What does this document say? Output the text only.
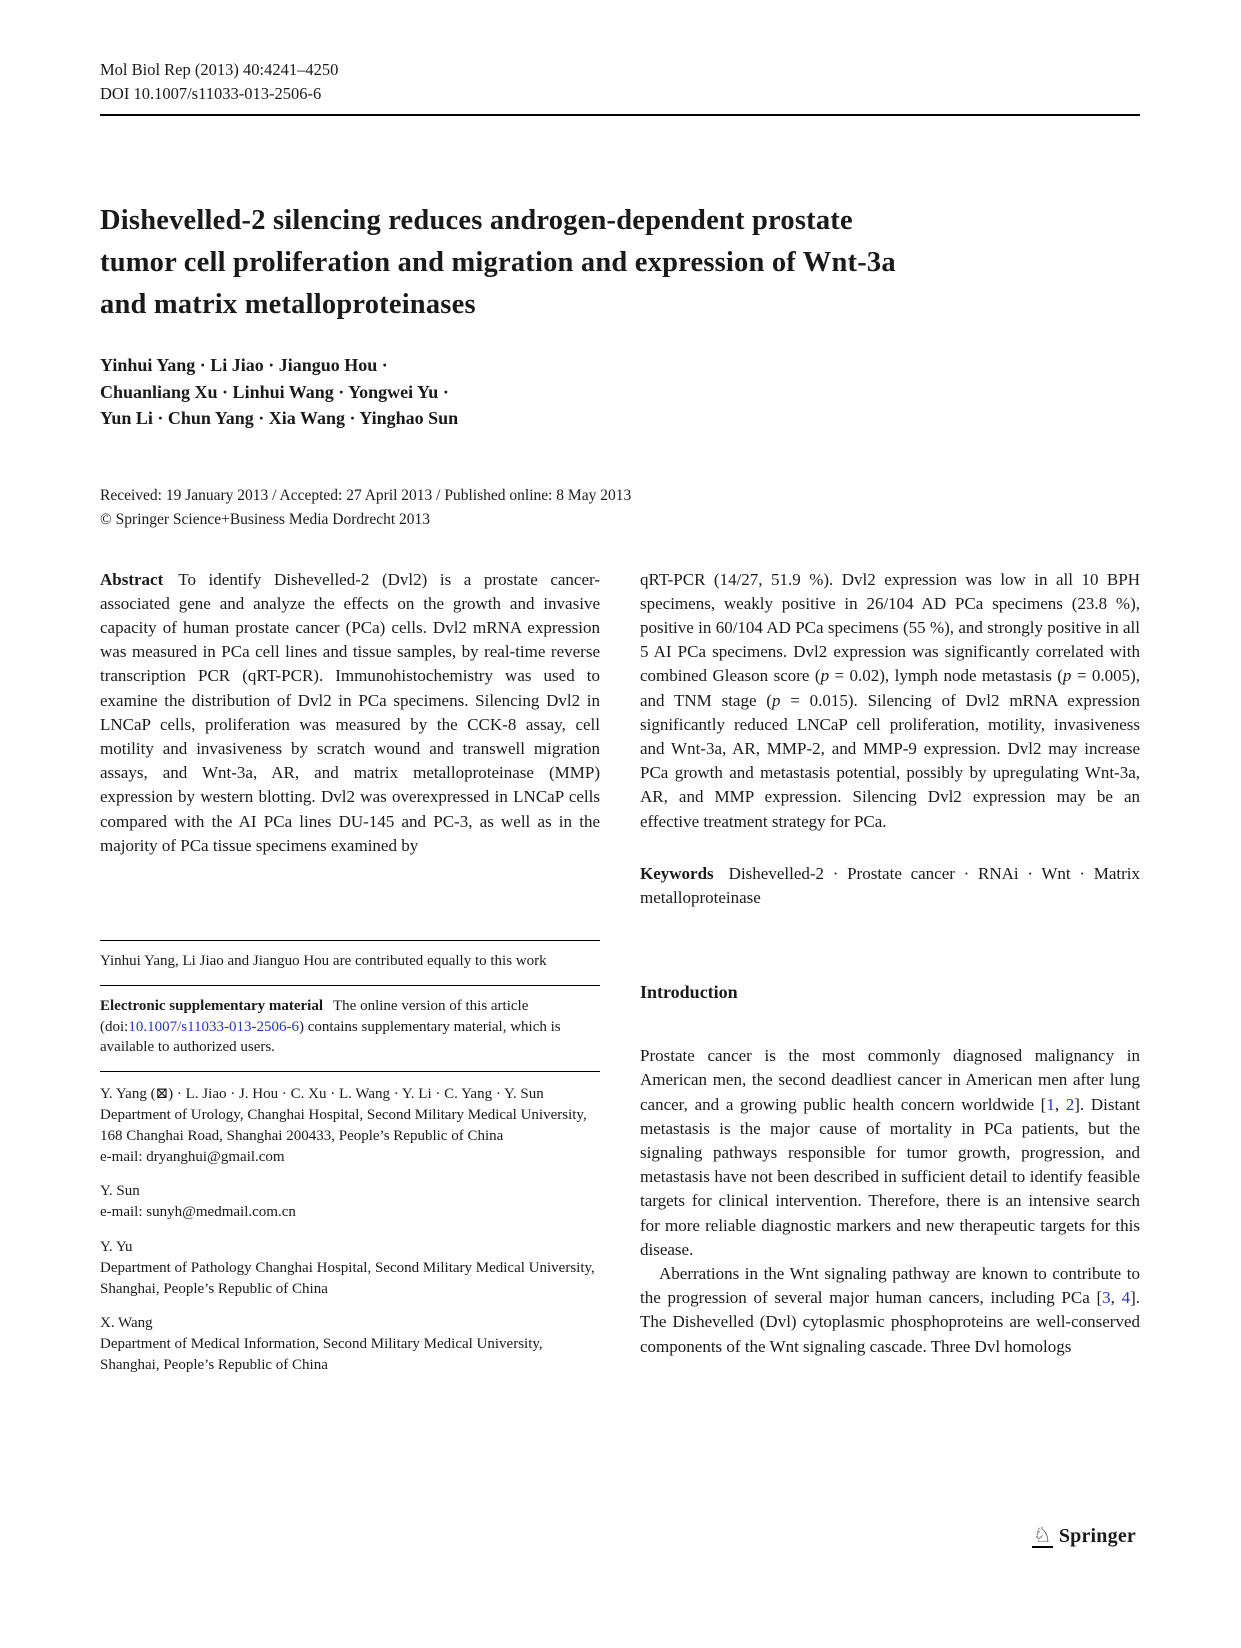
Mol Biol Rep (2013) 40:4241–4250
DOI 10.1007/s11033-013-2506-6
Dishevelled-2 silencing reduces androgen-dependent prostate
tumor cell proliferation and migration and expression of Wnt-3a
and matrix metalloproteinases
Yinhui Yang · Li Jiao · Jianguo Hou ·
Chuanliang Xu · Linhui Wang · Yongwei Yu ·
Yun Li · Chun Yang · Xia Wang · Yinghao Sun
Received: 19 January 2013 / Accepted: 27 April 2013 / Published online: 8 May 2013
© Springer Science+Business Media Dordrecht 2013

Abstract To identify Dishevelled-2 (Dvl2) is a prostate cancer-associated gene and analyze the effects on the growth and invasive capacity of human prostate cancer (PCa) cells. Dvl2 mRNA expression was measured in PCa cell lines and tissue samples, by real-time reverse transcription PCR (qRT-PCR). Immunohistochemistry was used to examine the distribution of Dvl2 in PCa specimens. Silencing Dvl2 in LNCaP cells, proliferation was measured by the CCK-8 assay, cell motility and invasiveness by scratch wound and transwell migration assays, and Wnt-3a, AR, and matrix metalloproteinase (MMP) expression by western blotting. Dvl2 was overexpressed in LNCaP cells compared with the AI PCa lines DU-145 and PC-3, as well as in the majority of PCa tissue specimens examined by

Yinhui Yang, Li Jiao and Jianguo Hou are contributed equally to this work

Electronic supplementary material The online version of this article (doi:10.1007/s11033-013-2506-6) contains supplementary material, which is available to authorized users.

Y. Yang (⊠) · L. Jiao · J. Hou · C. Xu · L. Wang · Y. Li · C. Yang · Y. Sun
Department of Urology, Changhai Hospital, Second Military Medical University, 168 Changhai Road, Shanghai 200433, People’s Republic of China
e-mail: dryanghui@gmail.com

Y. Sun
e-mail: sunyh@medmail.com.cn

Y. Yu
Department of Pathology Changhai Hospital, Second Military Medical University, Shanghai, People’s Republic of China

X. Wang
Department of Medical Information, Second Military Medical University, Shanghai, People’s Republic of China

qRT-PCR (14/27, 51.9 %). Dvl2 expression was low in all 10 BPH specimens, weakly positive in 26/104 AD PCa specimens (23.8 %), positive in 60/104 AD PCa specimens (55 %), and strongly positive in all 5 AI PCa specimens. Dvl2 expression was significantly correlated with combined Gleason score (p = 0.02), lymph node metastasis (p = 0.005), and TNM stage (p = 0.015). Silencing of Dvl2 mRNA expression significantly reduced LNCaP cell proliferation, motility, invasiveness and Wnt-3a, AR, MMP-2, and MMP-9 expression. Dvl2 may increase PCa growth and metastasis potential, possibly by upregulating Wnt-3a, AR, and MMP expression. Silencing Dvl2 expression may be an effective treatment strategy for PCa.

Keywords Dishevelled-2 · Prostate cancer · RNAi · Wnt · Matrix metalloproteinase

Introduction

Prostate cancer is the most commonly diagnosed malignancy in American men, the second deadliest cancer in American men after lung cancer, and a growing public health concern worldwide [1, 2]. Distant metastasis is the major cause of mortality in PCa patients, but the signaling pathways responsible for tumor growth, progression, and metastasis have not been described in sufficient detail to identify feasible targets for clinical intervention. Therefore, there is an intensive search for more reliable diagnostic markers and new therapeutic targets for this disease.

Aberrations in the Wnt signaling pathway are known to contribute to the progression of several major human cancers, including PCa [3, 4]. The Dishevelled (Dvl) cytoplasmic phosphoproteins are well-conserved components of the Wnt signaling cascade. Three Dvl homologs

♘ Springer
